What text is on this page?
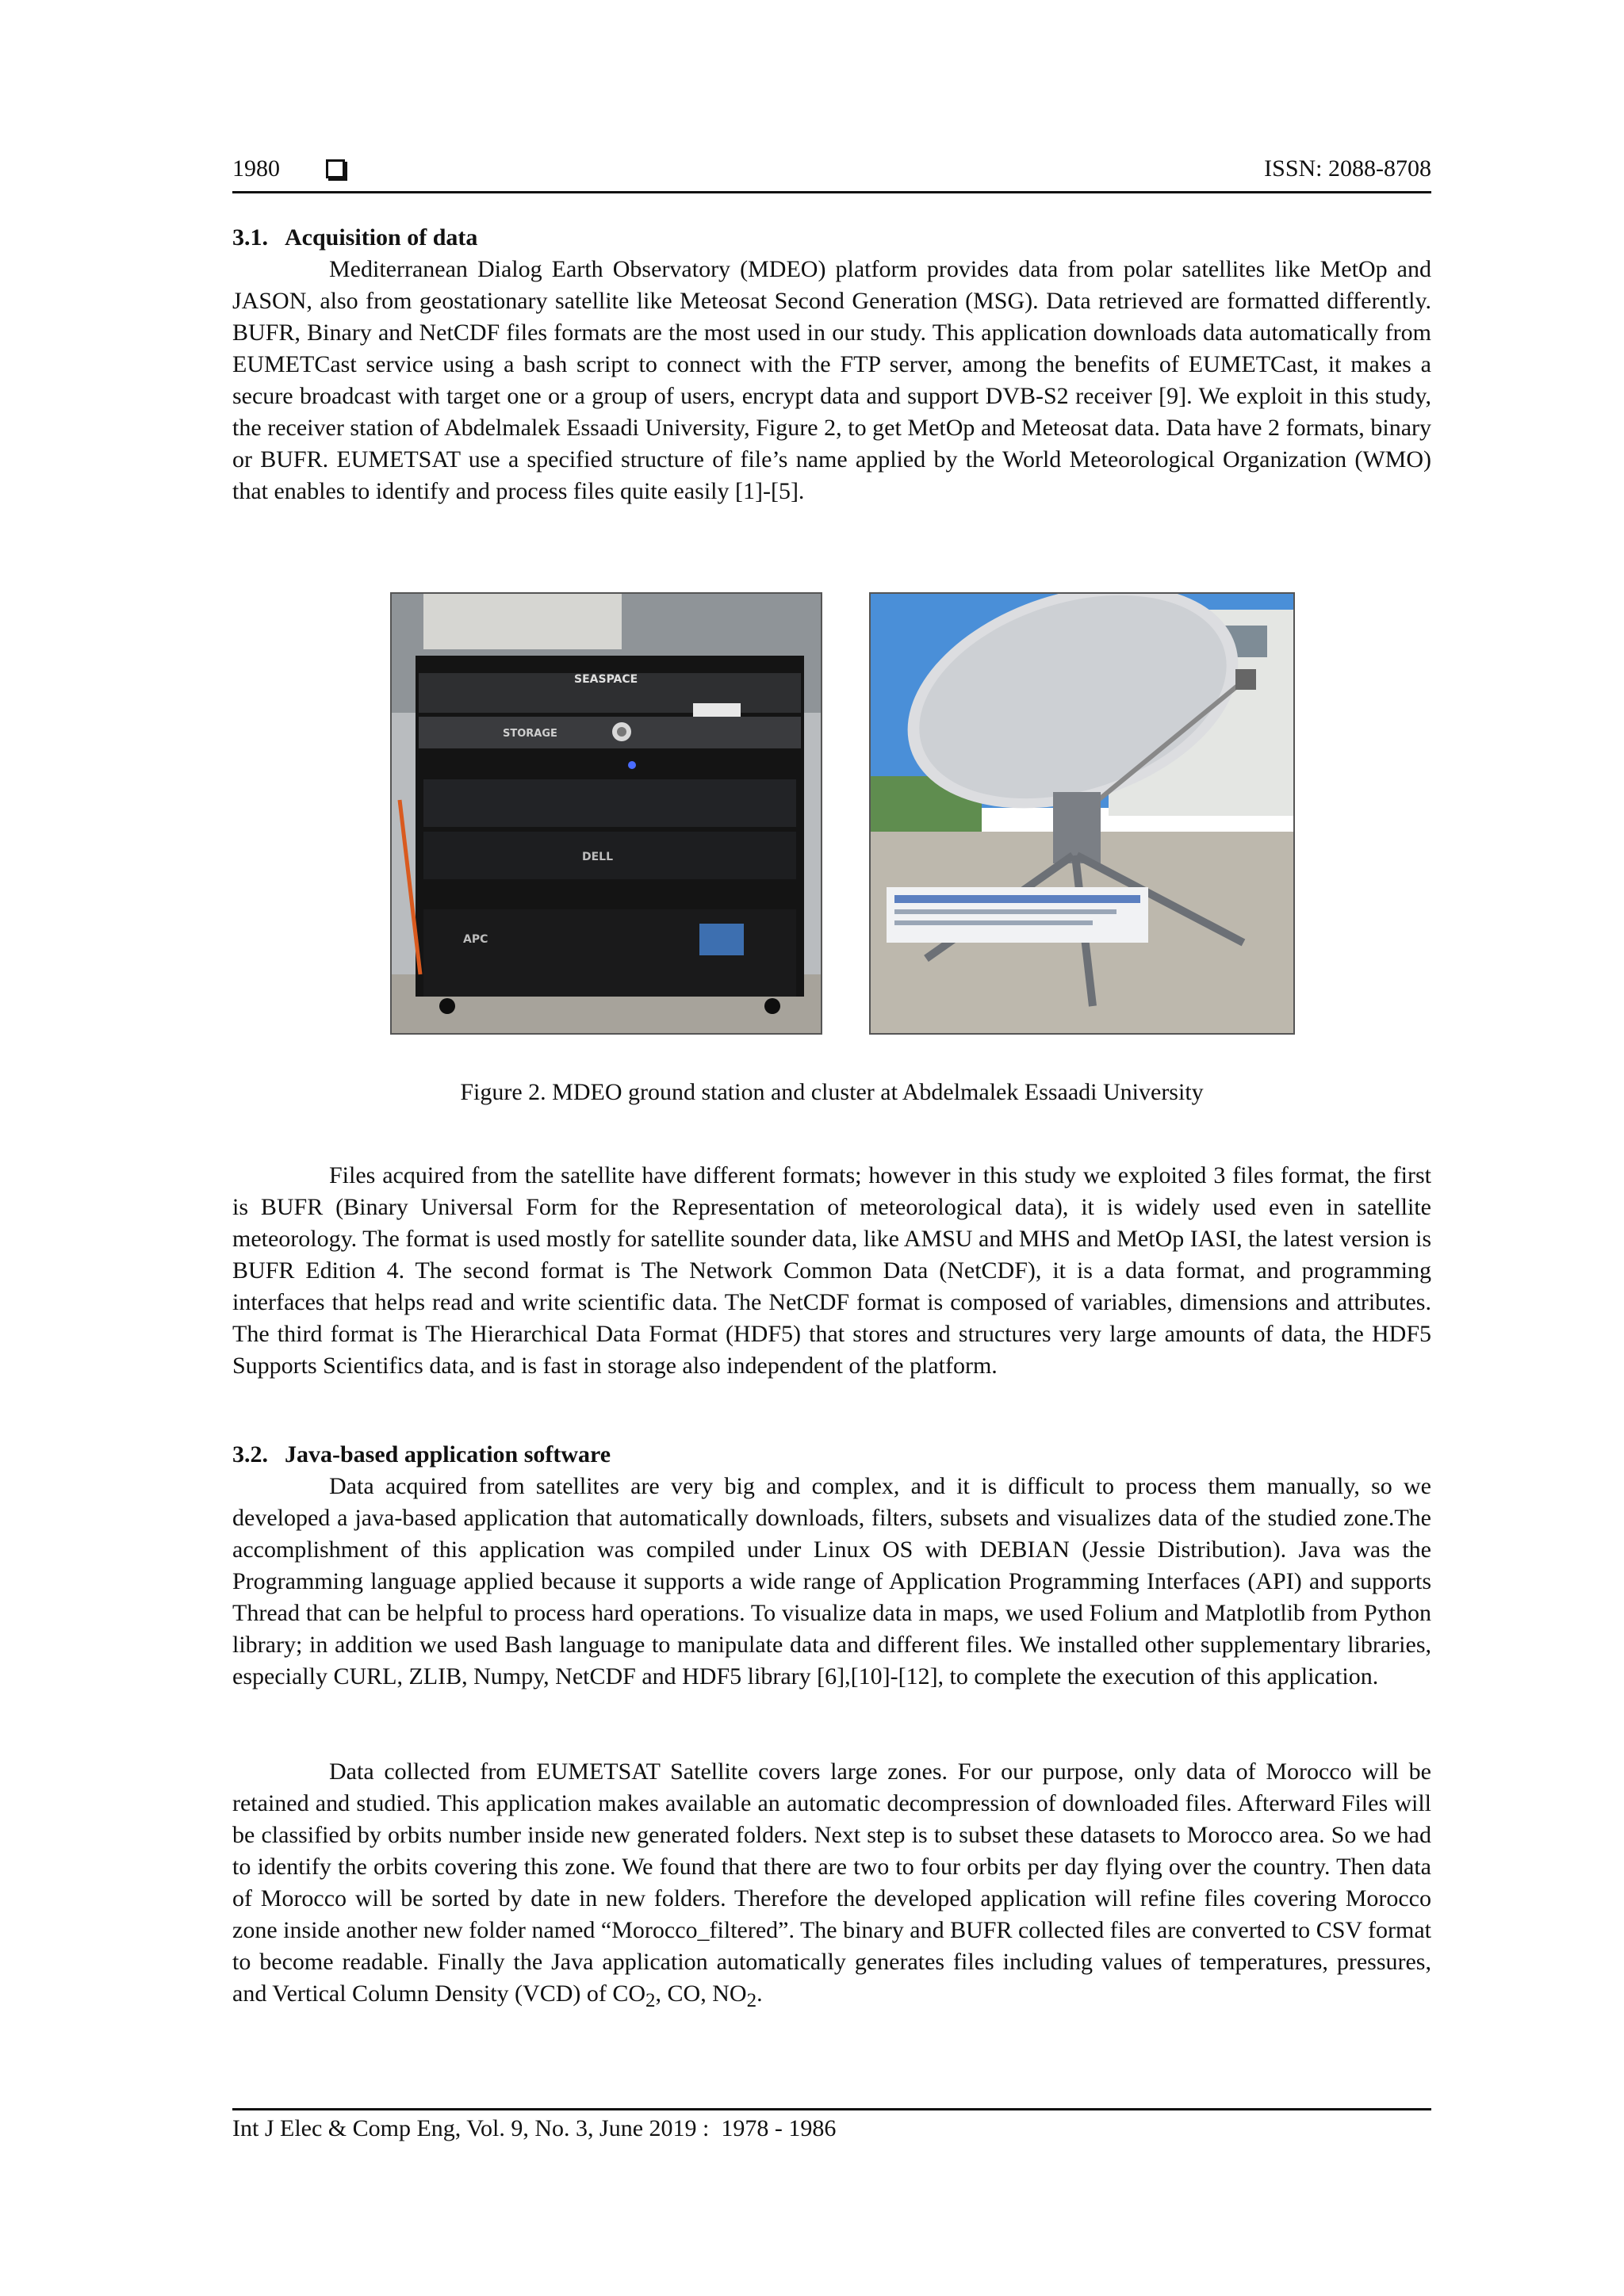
1980	ISSN: 2088-8708
3.1. Acquisition of data

Mediterranean Dialog Earth Observatory (MDEO) platform provides data from polar satellites like MetOp and JASON, also from geostationary satellite like Meteosat Second Generation (MSG). Data retrieved are formatted differently. BUFR, Binary and NetCDF files formats are the most used in our study. This application downloads data automatically from EUMETCast service using a bash script to connect with the FTP server, among the benefits of EUMETCast, it makes a secure broadcast with target one or a group of users, encrypt data and support DVB-S2 receiver [9]. We exploit in this study, the receiver station of Abdelmalek Essaadi University, Figure 2, to get MetOp and Meteosat data. Data have 2 formats, binary or BUFR. EUMETSAT use a specified structure of file’s name applied by the World Meteorological Organization (WMO) that enables to identify and process files quite easily [1]-[5].

SEASPACE
STORAGE
DELL
APC

Figure 2. MDEO ground station and cluster at Abdelmalek Essaadi University

Files acquired from the satellite have different formats; however in this study we exploited 3 files format, the first is BUFR (Binary Universal Form for the Representation of meteorological data), it is widely used even in satellite meteorology. The format is used mostly for satellite sounder data, like AMSU and MHS and MetOp IASI, the latest version is BUFR Edition 4. The second format is The Network Common Data (NetCDF), it is a data format, and programming interfaces that helps read and write scientific data. The NetCDF format is composed of variables, dimensions and attributes. The third format is The Hierarchical Data Format (HDF5) that stores and structures very large amounts of data, the HDF5 Supports Scientifics data, and is fast in storage also independent of the platform.

3.2. Java-based application software

Data acquired from satellites are very big and complex, and it is difficult to process them manually, so we developed a java-based application that automatically downloads, filters, subsets and visualizes data of the studied zone.The accomplishment of this application was compiled under Linux OS with DEBIAN (Jessie Distribution). Java was the Programming language applied because it supports a wide range of Application Programming Interfaces (API) and supports Thread that can be helpful to process hard operations. To visualize data in maps, we used Folium and Matplotlib from Python library; in addition we used Bash language to manipulate data and different files. We installed other supplementary libraries, especially CURL, ZLIB, Numpy, NetCDF and HDF5 library [6],[10]-[12], to complete the execution of this application.

Data collected from EUMETSAT Satellite covers large zones. For our purpose, only data of Morocco will be retained and studied. This application makes available an automatic decompression of downloaded files. Afterward Files will be classified by orbits number inside new generated folders. Next step is to subset these datasets to Morocco area. So we had to identify the orbits covering this zone. We found that there are two to four orbits per day flying over the country. Then data of Morocco will be sorted by date in new folders. Therefore the developed application will refine files covering Morocco zone inside another new folder named “Morocco_filtered”. The binary and BUFR collected files are converted to CSV format to become readable. Finally the Java application automatically generates files including values of temperatures, pressures, and Vertical Column Density (VCD) of $CO_2$, CO, $NO_2$.

Int J Elec & Comp Eng, Vol. 9, No. 3, June 2019 :  1978 - 1986
